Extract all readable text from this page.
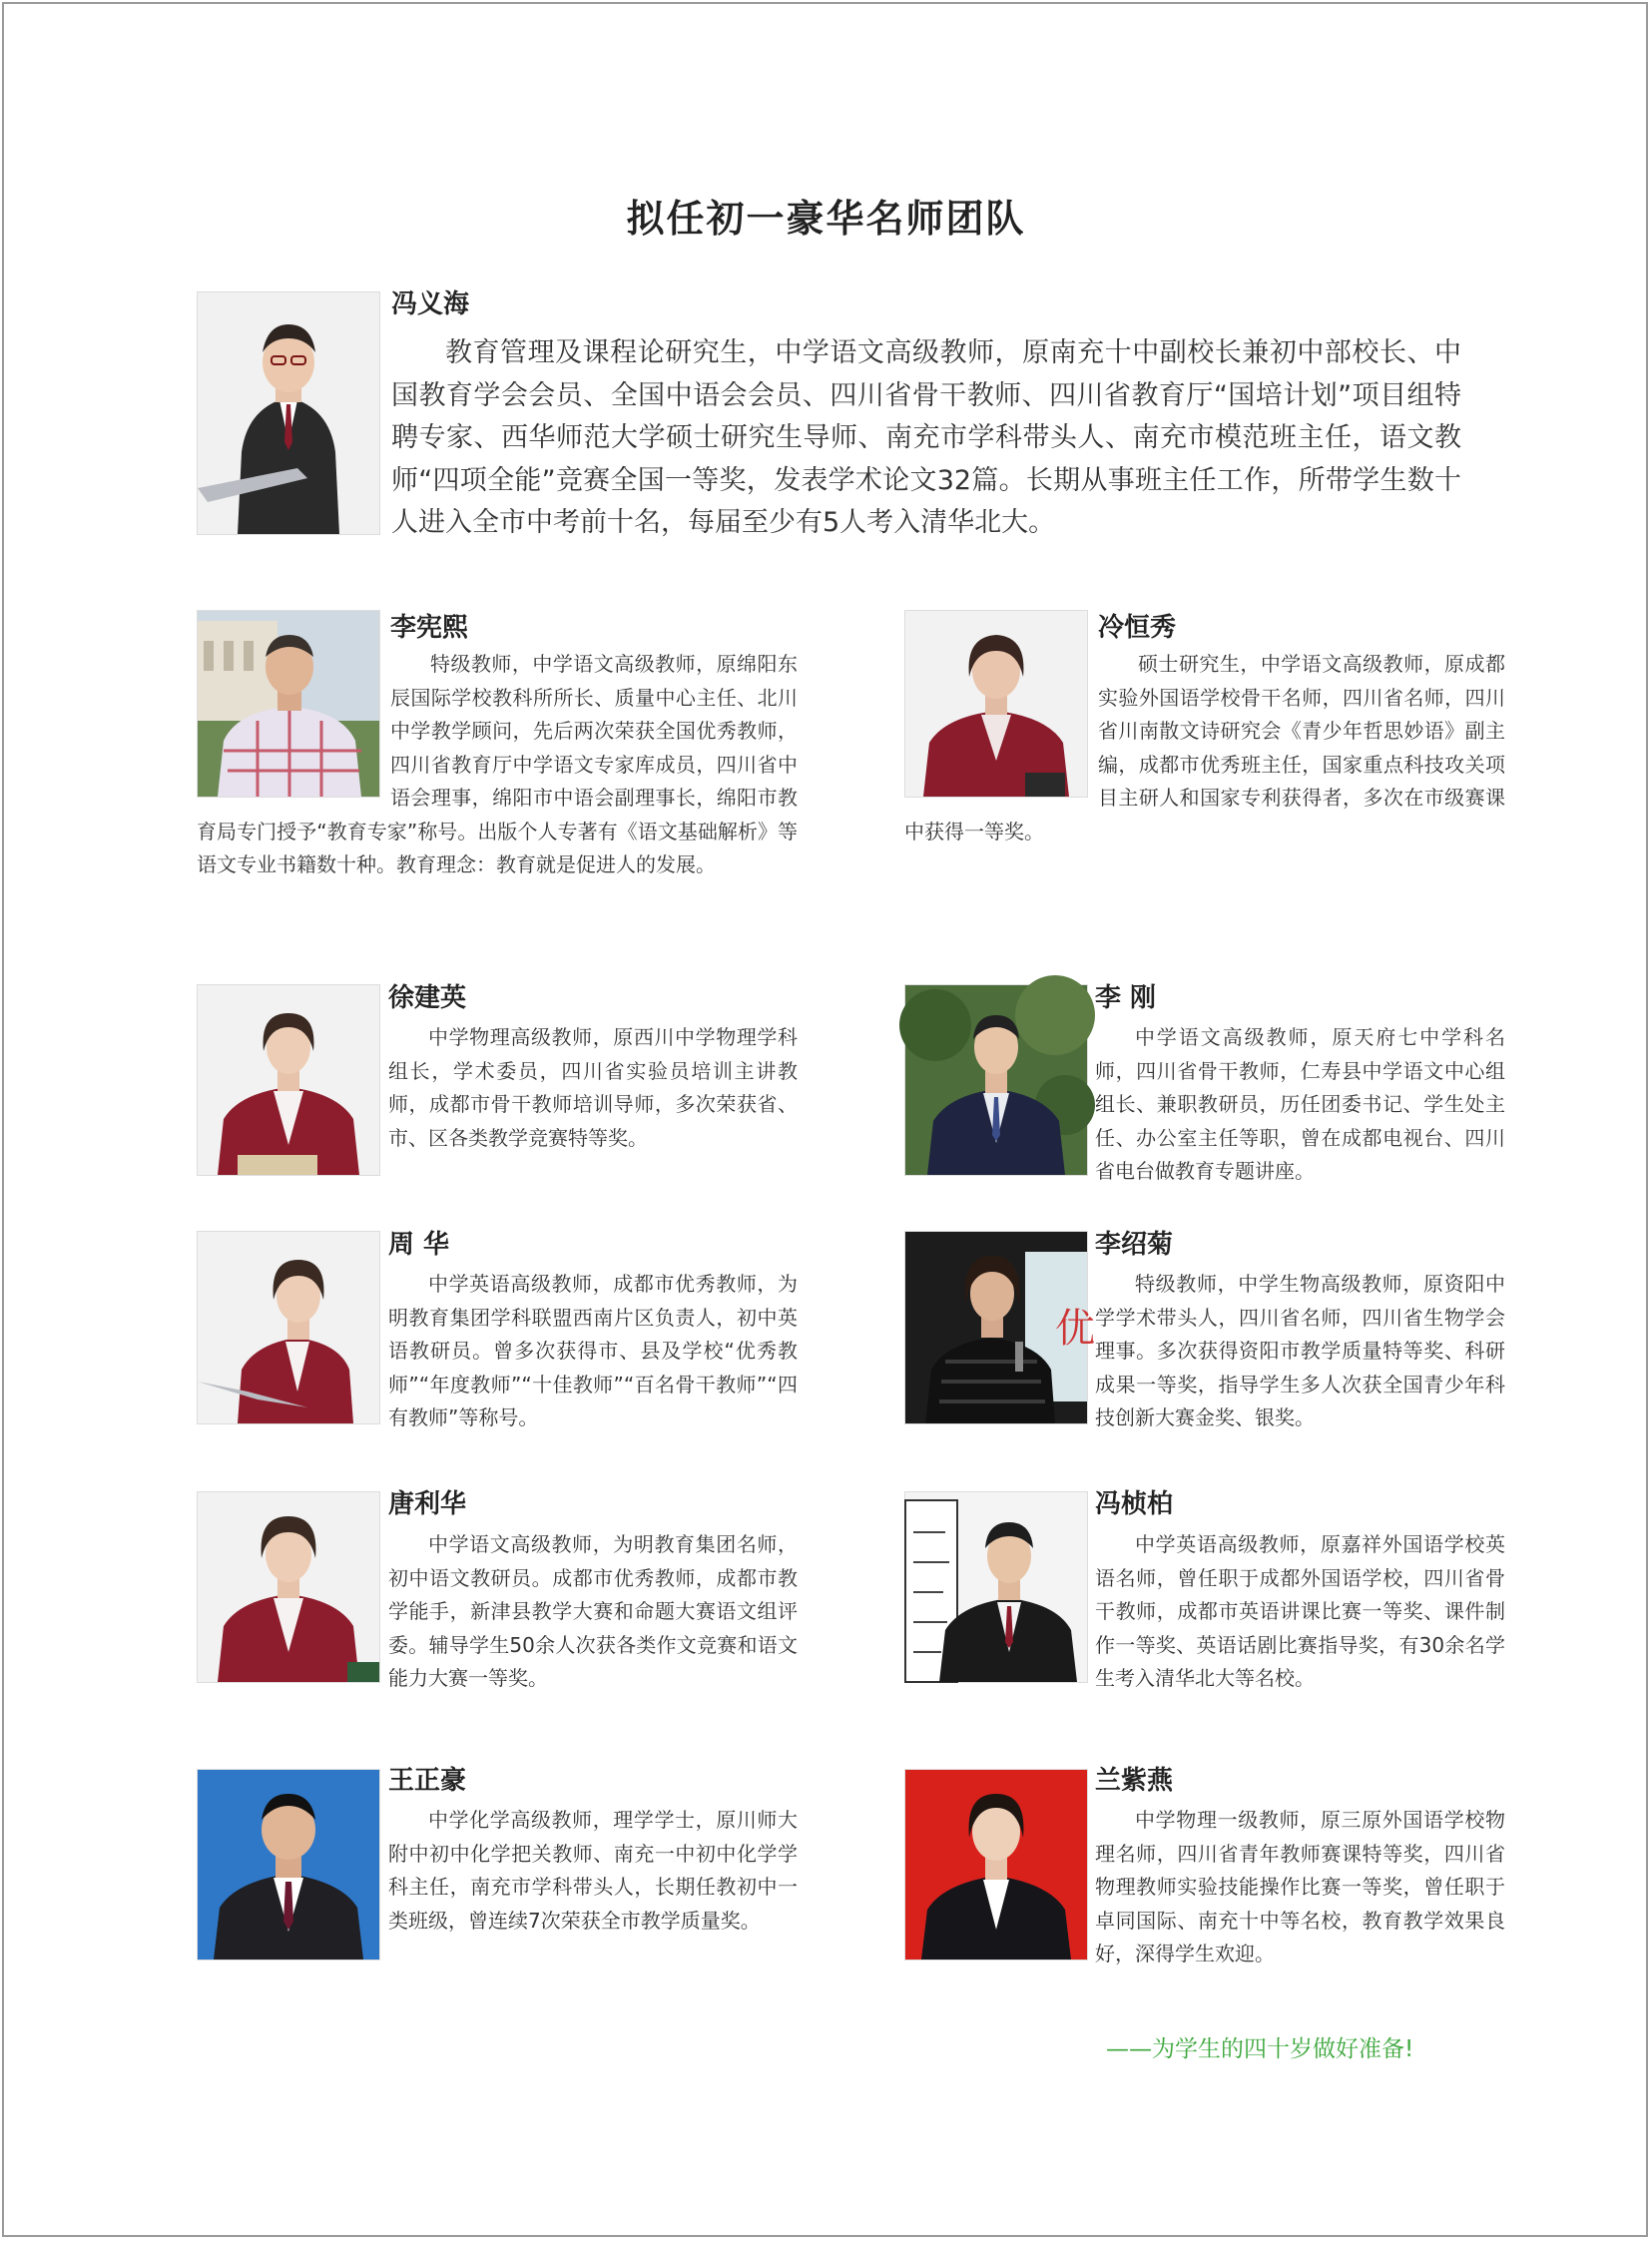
拟任初一豪华名师团队
冯义海

教育管理及课程论研究生，中学语文高级教师，原南充十中副校长兼初中部校长、中国教育学会会员、全国中语会会员、四川省骨干教师、四川省教育厅“国培计划”项目组特聘专家、西华师范大学硕士研究生导师、南充市学科带头人、南充市模范班主任，语文教师“四项全能”竞赛全国一等奖，发表学术论文32篇。长期从事班主任工作，所带学生数十人进入全市中考前十名，每届至少有5人考入清华北大。

李宪熙

特级教师，中学语文高级教师，原绵阳东辰国际学校教科所所长、质量中心主任、北川中学教学顾问，先后两次荣获全国优秀教师，四川省教育厅中学语文专家库成员，四川省中语会理事，绵阳市中语会副理事长，绵阳市教育局专门授予“教育专家”称号。出版个人专著有《语文基础解析》等语文专业书籍数十种。教育理念：教育就是促进人的发展。

冷恒秀

硕士研究生，中学语文高级教师，原成都实验外国语学校骨干名师，四川省名师，四川省川南散文诗研究会《青少年哲思妙语》副主编，成都市优秀班主任，国家重点科技攻关项目主研人和国家专利获得者，多次在市级赛课中获得一等奖。

徐建英

中学物理高级教师，原西川中学物理学科组长，学术委员，四川省实验员培训主讲教师，成都市骨干教师培训导师，多次荣获省、市、区各类教学竞赛特等奖。

李 刚

中学语文高级教师，原天府七中学科名师，四川省骨干教师，仁寿县中学语文中心组组长、兼职教研员，历任团委书记、学生处主任、办公室主任等职，曾在成都电视台、四川省电台做教育专题讲座。

周 华

中学英语高级教师，成都市优秀教师，为明教育集团学科联盟西南片区负责人，初中英语教研员。曾多次获得市、县及学校“优秀教师”“年度教师”“十佳教师”“百名骨干教师”“四有教师”等称号。

优
李绍菊

特级教师，中学生物高级教师，原资阳中学学术带头人，四川省名师，四川省生物学会理事。多次获得资阳市教学质量特等奖、科研成果一等奖，指导学生多人次获全国青少年科技创新大赛金奖、银奖。

唐利华

中学语文高级教师，为明教育集团名师，初中语文教研员。成都市优秀教师，成都市教学能手，新津县教学大赛和命题大赛语文组评委。辅导学生50余人次获各类作文竞赛和语文能力大赛一等奖。

冯桢柏

中学英语高级教师，原嘉祥外国语学校英语名师，曾任职于成都外国语学校，四川省骨干教师，成都市英语讲课比赛一等奖、课件制作一等奖、英语话剧比赛指导奖，有30余名学生考入清华北大等名校。

王正豪

中学化学高级教师，理学学士，原川师大附中初中化学把关教师、南充一中初中化学学科主任，南充市学科带头人，长期任教初中一类班级，曾连续7次荣获全市教学质量奖。

兰紫燕

中学物理一级教师，原三原外国语学校物理名师，四川省青年教师赛课特等奖，四川省物理教师实验技能操作比赛一等奖，曾任职于卓同国际、南充十中等名校，教育教学效果良好，深得学生欢迎。

——为学生的四十岁做好准备!
